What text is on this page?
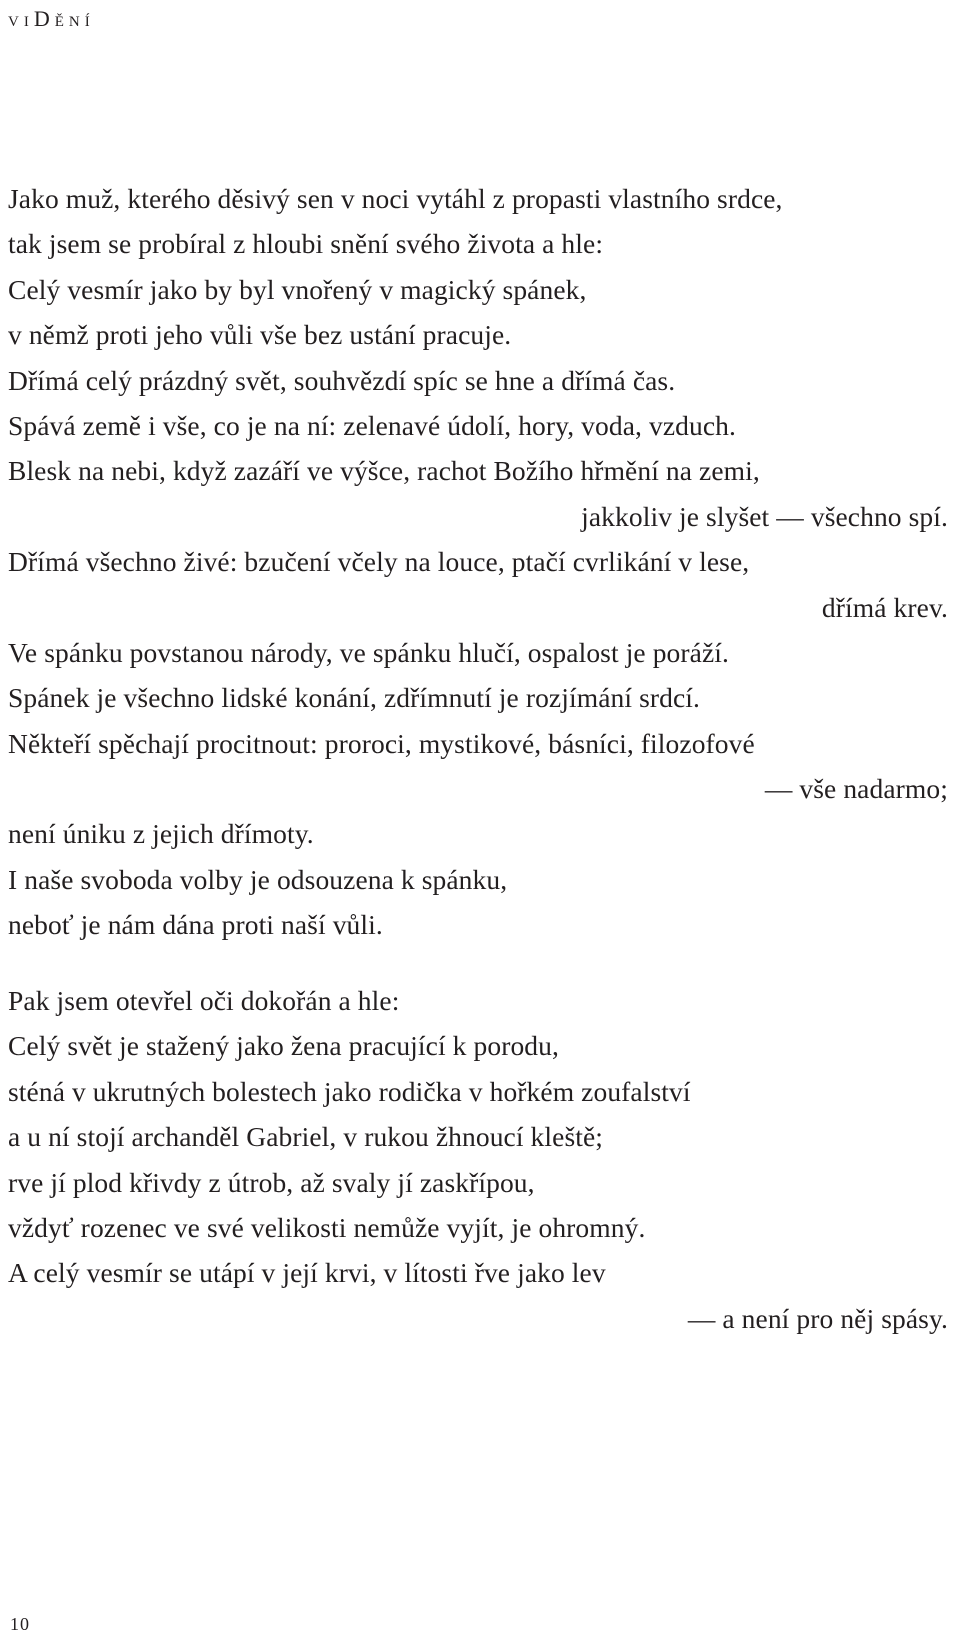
viDění
Jako muž, kterého děsivý sen v noci vytáhl z propasti vlastního srdce,
tak jsem se probíral z hloubi snění svého života a hle:
Celý vesmír jako by byl vnořený v magický spánek,
v němž proti jeho vůli vše bez ustání pracuje.
Dřímá celý prázdný svět, souhvězdí spíc se hne a dřímá čas.
Spává země i vše, co je na ní: zelenavé údolí, hory, voda, vzduch.
Blesk na nebi, když zazáří ve výšce, rachot Božího hřmění na zemi,
jakkoliv je slyšet — všechno spí.
Dřímá všechno živé: bzučení včely na louce, ptačí cvrlikání v lese,
dřímá krev.
Ve spánku povstanou národy, ve spánku hlučí, ospalost je poráží.
Spánek je všechno lidské konání, zdřímnutí je rozjímání srdcí.
Někteří spěchají procitnout: proroci, mystikové, básníci, filozofové
— vše nadarmo;
není úniku z jejich dřímoty.
I naše svoboda volby je odsouzena k spánku,
neboť je nám dána proti naší vůli.
Pak jsem otevřel oči dokořán a hle:
Celý svět je stažený jako žena pracující k porodu,
sténá v ukrutných bolestech jako rodička v hořkém zoufalství
a u ní stojí archanděl Gabriel, v rukou žhnoucí kleště;
rve jí plod křivdy z útrob, až svaly jí zaskřípou,
vždyť rozenec ve své velikosti nemůže vyjít, je ohromný.
A celý vesmír se utápí v její krvi, v lítosti řve jako lev
— a není pro něj spásy.
10
